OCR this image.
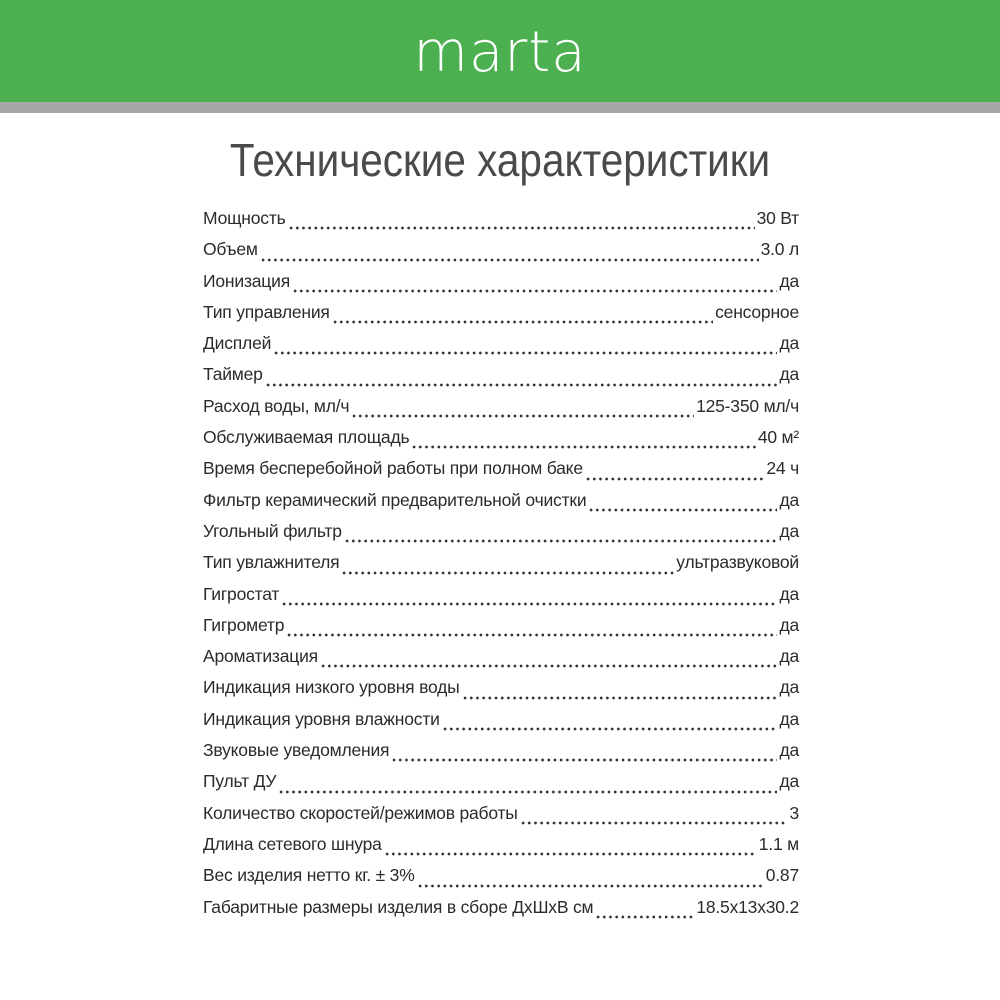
marta
Технические характеристики
Мощность	30 Вт
Объем	3.0 л
Ионизация	да
Тип управления	сенсорное
Дисплей	да
Таймер	да
Расход воды, мл/ч	125-350 мл/ч
Обслуживаемая площадь	40 м²
Время бесперебойной работы при полном баке	24 ч
Фильтр керамический предварительной очистки	да
Угольный фильтр	да
Тип увлажнителя	ультразвуковой
Гигростат	да
Гигрометр	да
Ароматизация	да
Индикация низкого уровня воды	да
Индикация уровня влажности	да
Звуковые уведомления	да
Пульт ДУ	да
Количество скоростей/режимов работы	3
Длина сетевого шнура	1.1 м
Вес изделия нетто кг. ± 3%	0.87
Габаритные размеры изделия в сборе ДхШхВ см	18.5x13x30.2
